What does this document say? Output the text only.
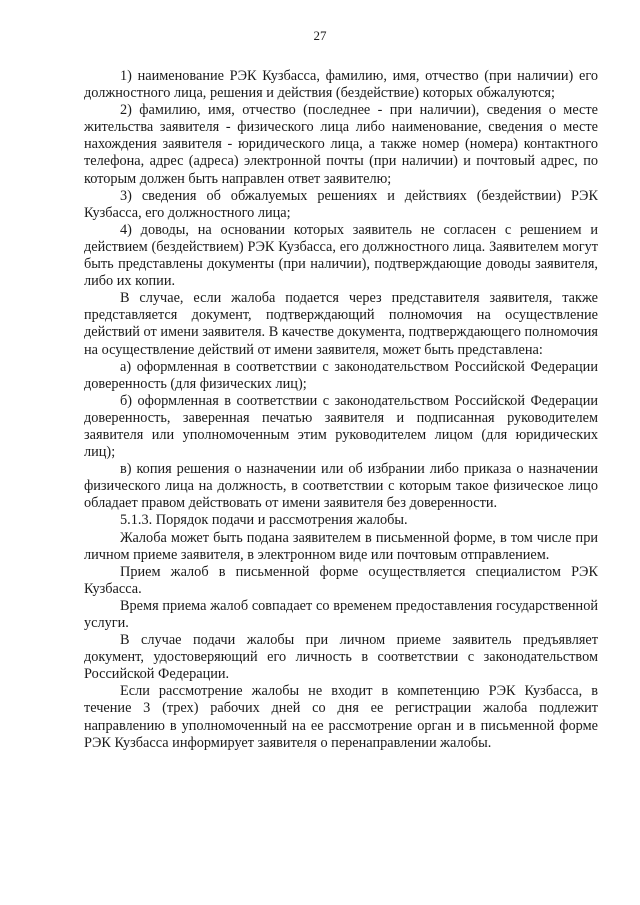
27

1) наименование РЭК Кузбасса, фамилию, имя, отчество (при наличии) его должностного лица, решения и действия (бездействие) которых обжалуются;

2) фамилию, имя, отчество (последнее - при наличии), сведения о месте жительства заявителя - физического лица либо наименование, сведения о месте нахождения заявителя - юридического лица, а также номер (номера) контактного телефона, адрес (адреса) электронной почты (при наличии) и почтовый адрес, по которым должен быть направлен ответ заявителю;

3) сведения об обжалуемых решениях и действиях (бездействии) РЭК Кузбасса, его должностного лица;

4) доводы, на основании которых заявитель не согласен с решением и действием (бездействием) РЭК Кузбасса, его должностного лица. Заявителем могут быть представлены документы (при наличии), подтверждающие доводы заявителя, либо их копии.

В случае, если жалоба подается через представителя заявителя, также представляется документ, подтверждающий полномочия на осуществление действий от имени заявителя. В качестве документа, подтверждающего полномочия на осуществление действий от имени заявителя, может быть представлена:

а) оформленная в соответствии с законодательством Российской Федерации доверенность (для физических лиц);

б) оформленная в соответствии с законодательством Российской Федерации доверенность, заверенная печатью заявителя и подписанная руководителем заявителя или уполномоченным этим руководителем лицом (для юридических лиц);

в) копия решения о назначении или об избрании либо приказа о назначении физического лица на должность, в соответствии с которым такое физическое лицо обладает правом действовать от имени заявителя без доверенности.

5.1.3. Порядок подачи и рассмотрения жалобы.

Жалоба может быть подана заявителем в письменной форме, в том числе при личном приеме заявителя, в электронном виде или почтовым отправлением.

Прием жалоб в письменной форме осуществляется специалистом РЭК Кузбасса.

Время приема жалоб совпадает со временем предоставления государственной услуги.

В случае подачи жалобы при личном приеме заявитель предъявляет документ, удостоверяющий его личность в соответствии с законодательством Российской Федерации.

Если рассмотрение жалобы не входит в компетенцию РЭК Кузбасса, в течение 3 (трех) рабочих дней со дня ее регистрации жалоба подлежит направлению в уполномоченный на ее рассмотрение орган и в письменной форме РЭК Кузбасса информирует заявителя о перенаправлении жалобы.
